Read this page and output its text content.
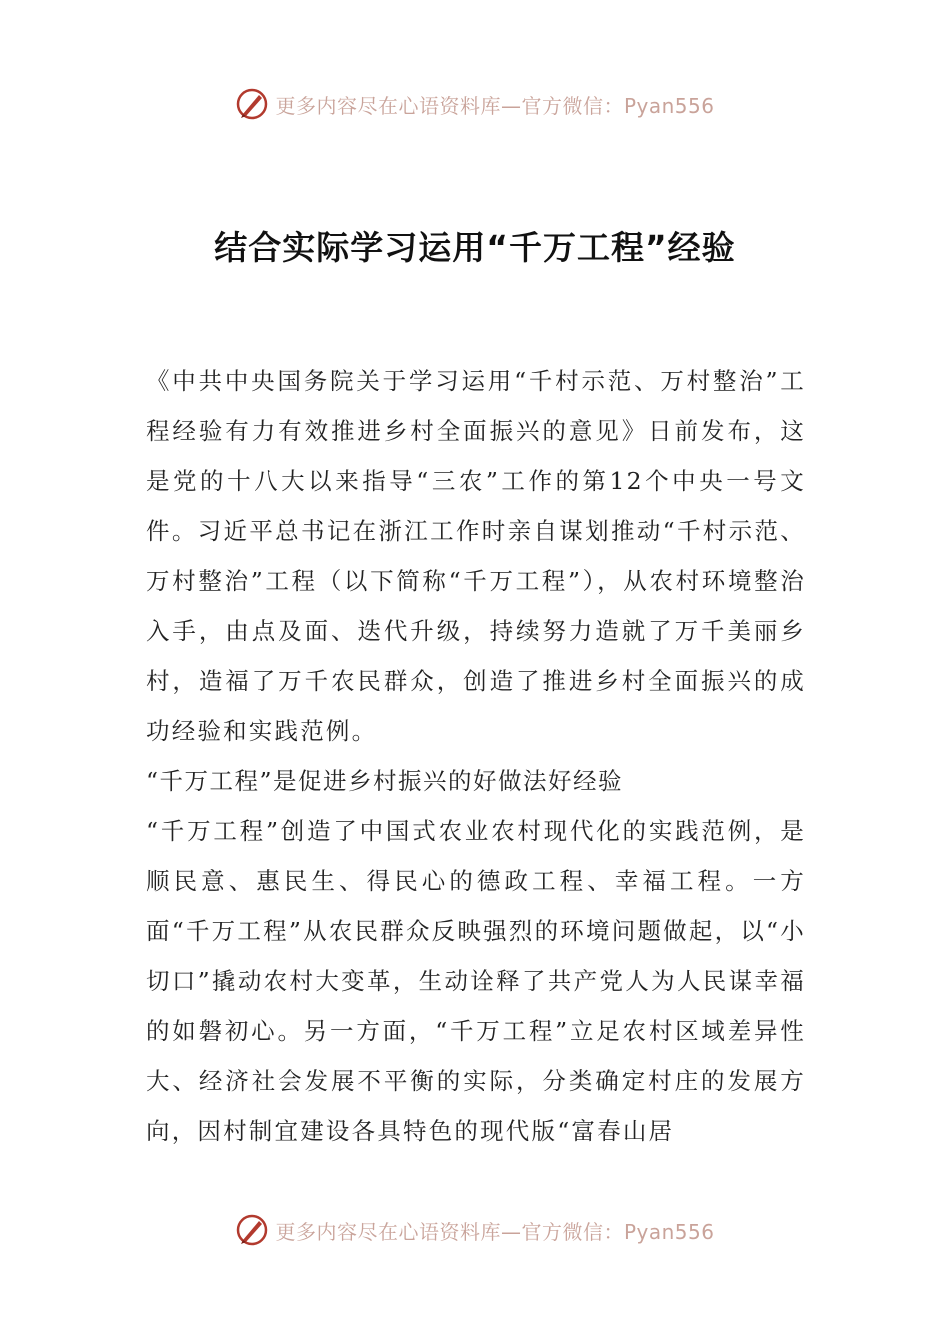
更多内容尽在心语资料库—官方微信：Pyan556
结合实际学习运用“千万工程”经验

《中共中央国务院关于学习运用“千村示范、万村整治”工程经验有力有效推进乡村全面振兴的意见》日前发布，这是党的十八大以来指导“三农”工作的第12个中央一号文件。习近平总书记在浙江工作时亲自谋划推动“千村示范、万村整治”工程（以下简称“千万工程”），从农村环境整治入手，由点及面、迭代升级，持续努力造就了万千美丽乡村，造福了万千农民群众，创造了推进乡村全面振兴的成功经验和实践范例。

“千万工程”是促进乡村振兴的好做法好经验

“千万工程”创造了中国式农业农村现代化的实践范例，是顺民意、惠民生、得民心的德政工程、幸福工程。一方面“千万工程”从农民群众反映强烈的环境问题做起，以“小切口”撬动农村大变革，生动诠释了共产党人为人民谋幸福的如磐初心。另一方面，“千万工程”立足农村区域差异性大、经济社会发展不平衡的实际，分类确定村庄的发展方向，因村制宜建设各具特色的现代版“富春山居

更多内容尽在心语资料库—官方微信：Pyan556
